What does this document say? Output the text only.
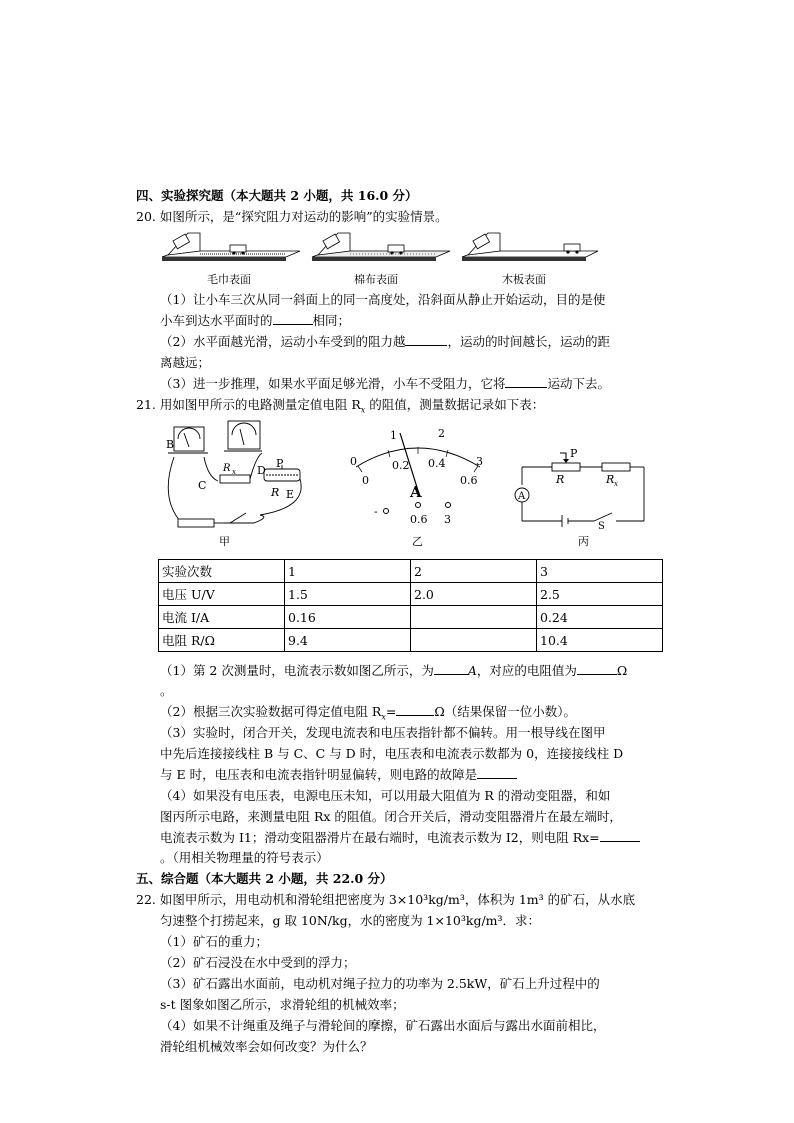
四、实验探究题（本大题共 2 小题，共 16.0 分）
20. 如图所示，是“探究阻力对运动的影响”的实验情景。
毛巾表面	棉布表面	木板表面
（1）让小车三次从同一斜面上的同一高度处，沿斜面从静止开始运动，目的是使
小车到达水平面时的	相同；
（2）水平面越光滑，运动小车受到的阻力越	，运动的时间越长，运动的距
离越远；
（3）进一步推理，如果水平面足够光滑，小车不受阻力，它将	运动下去。
21. 用如图甲所示的电路测量定值电阻 $R_x$ 的阻值，测量数据记录如下表：
B
C
D
P
R E
R x
甲
0
1	2
3
0
0.2 0.4
0.6
A
-
0.6 3
乙
P
R	R x
A
S
丙
实验次数	1	2	3
电压 U/V	1.5	2.0	2.5
电流 I/A	0.16		0.24
电阻 R/Ω	9.4		10.4
（1）第 2 次测量时，电流表示数如图乙所示，为	A，对应的电阻值为	Ω
。
（2）根据三次实验数据可得定值电阻 $R_x=$	Ω（结果保留一位小数）。
（3）实验时，闭合开关，发现电流表和电压表指针都不偏转。用一根导线在图甲
中先后连接接线柱 B 与 C、C 与 D 时，电压表和电流表示数都为 0，连接接线柱 D
与 E 时，电压表和电流表指针明显偏转，则电路的故障是
（4）如果没有电压表，电源电压未知，可以用最大阻值为 R 的滑动变阻器，和如
图丙所示电路，来测量电阻 Rx 的阻值。闭合开关后，滑动变阻器滑片在最左端时，
电流表示数为 I1；滑动变阻器滑片在最右端时，电流表示数为 I2，则电阻 Rx=
。（用相关物理量的符号表示）
五、综合题（本大题共 2 小题，共 22.0 分）
22. 如图甲所示，用电动机和滑轮组把密度为 3×10³kg/m³，体积为 1m³ 的矿石，从水底
匀速整个打捞起来，g 取 10N/kg，水的密度为 1×10³kg/m³．求：
（1）矿石的重力；
（2）矿石浸没在水中受到的浮力；
（3）矿石露出水面前，电动机对绳子拉力的功率为 2.5kW，矿石上升过程中的
s-t 图象如图乙所示，求滑轮组的机械效率；
（4）如果不计绳重及绳子与滑轮间的摩擦，矿石露出水面后与露出水面前相比，
滑轮组机械效率会如何改变？为什么？
